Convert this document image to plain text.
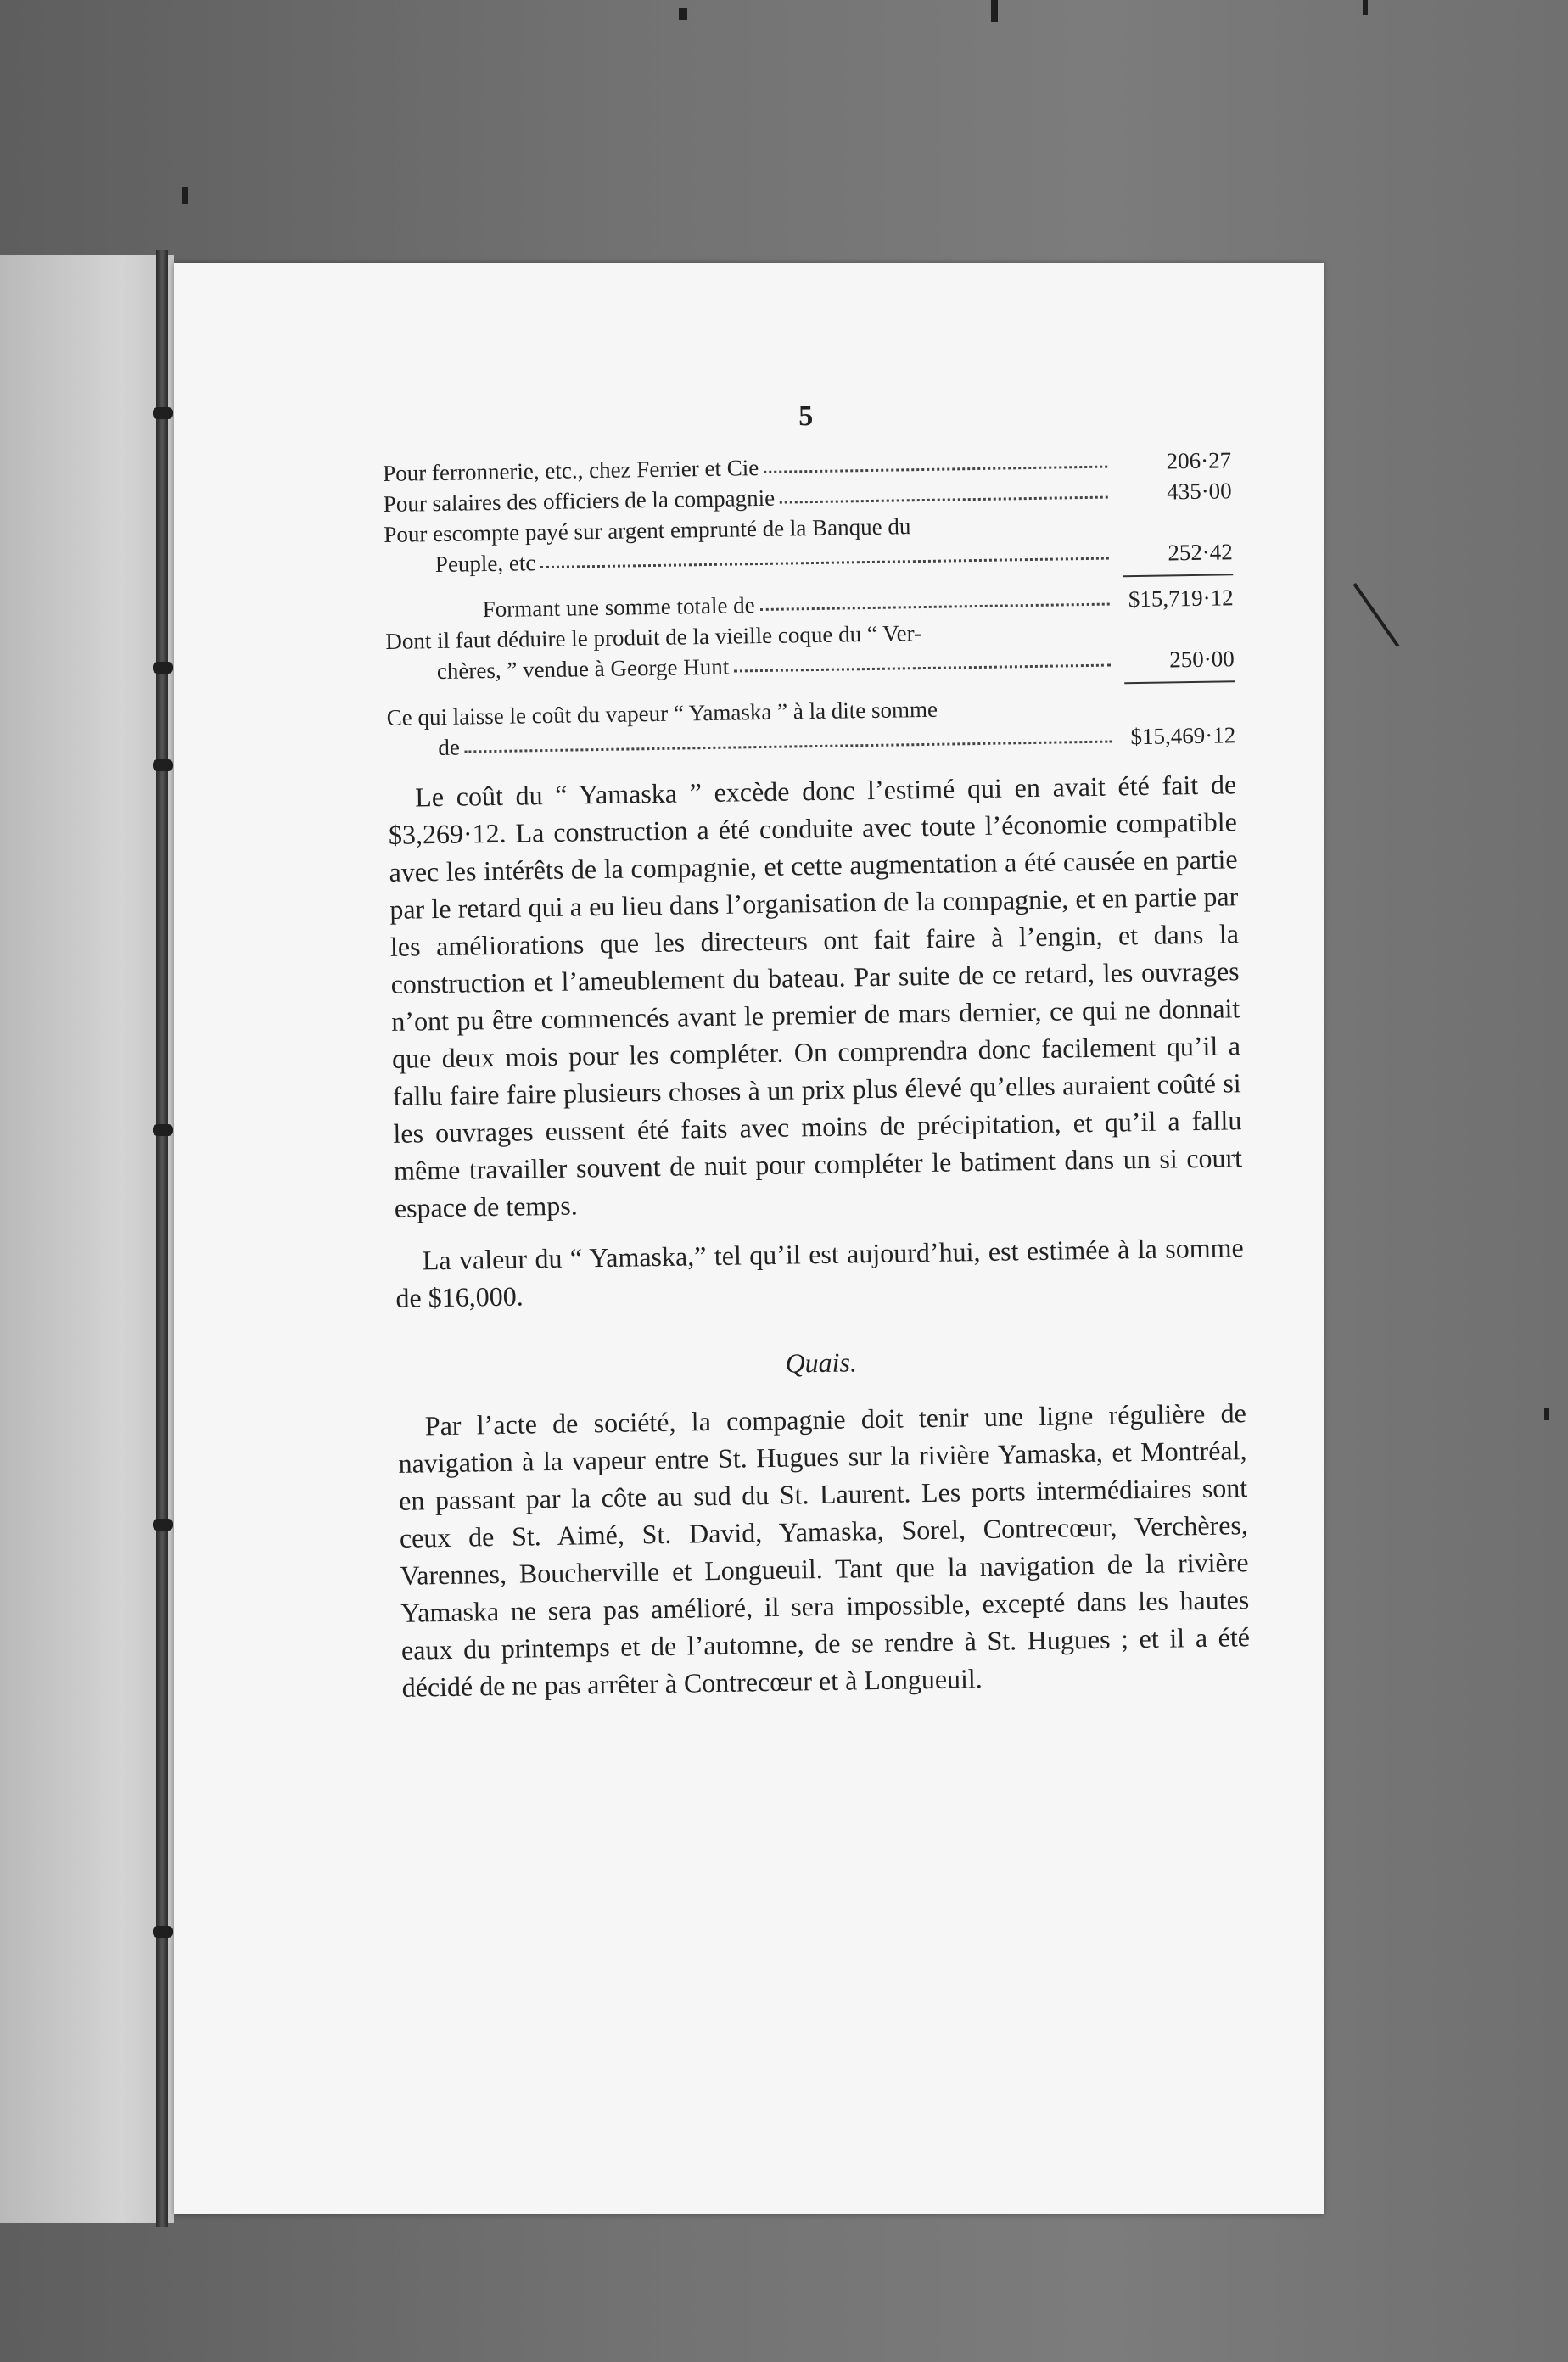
5
Pour ferronnerie, etc., chez Ferrier et Cie	206·27
Pour salaires des officiers de la compagnie	435·00
Pour escompte payé sur argent emprunté de la Banque du
Peuple, etc	252·42
Formant une somme totale de	$15,719·12
Dont il faut déduire le produit de la vieille coque du “ Ver-
chères, ” vendue à George Hunt	250·00
Ce qui laisse le coût du vapeur “ Yamaska ” à la dite somme
de	$15,469·12

Le coût du “ Yamaska ” excède donc l’estimé qui en avait été fait de $3,269·12. La construction a été conduite avec toute l’économie compatible avec les intérêts de la compagnie, et cette augmentation a été causée en partie par le retard qui a eu lieu dans l’organisation de la compagnie, et en partie par les améliorations que les directeurs ont fait faire à l’engin, et dans la construction et l’ameublement du bateau. Par suite de ce retard, les ouvrages n’ont pu être commencés avant le premier de mars dernier, ce qui ne donnait que deux mois pour les compléter. On comprendra donc facilement qu’il a fallu faire faire plusieurs choses à un prix plus élevé qu’elles auraient coûté si les ouvrages eussent été faits avec moins de précipitation, et qu’il a fallu même travailler souvent de nuit pour compléter le batiment dans un si court espace de temps.

La valeur du “ Yamaska,” tel qu’il est aujourd’hui, est estimée à la somme de $16,000.

Quais.

Par l’acte de société, la compagnie doit tenir une ligne régulière de navigation à la vapeur entre St. Hugues sur la rivière Yamaska, et Montréal, en passant par la côte au sud du St. Laurent. Les ports intermédiaires sont ceux de St. Aimé, St. David, Yamaska, Sorel, Contrecœur, Verchères, Varennes, Boucherville et Longueuil. Tant que la navigation de la rivière Yamaska ne sera pas amélioré, il sera impossible, excepté dans les hautes eaux du printemps et de l’automne, de se rendre à St. Hugues ; et il a été décidé de ne pas arrêter à Contrecœur et à Longueuil.
